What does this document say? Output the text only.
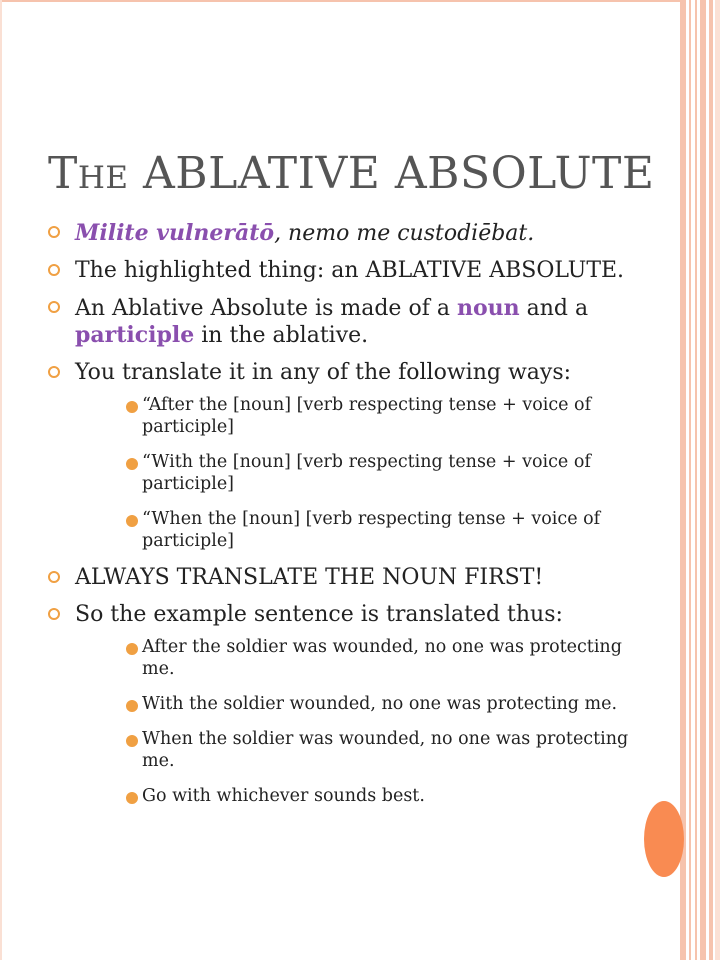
THE ABLATIVE ABSOLUTE
Milite vulnerātō, nemo me custodiēbat.
The highlighted thing: an ABLATIVE ABSOLUTE.
An Ablative Absolute is made of a noun and a participle in the ablative.
You translate it in any of the following ways:
“After the [noun] [verb respecting tense + voice of participle]
“With the [noun] [verb respecting tense + voice of participle]
“When the [noun] [verb respecting tense + voice of participle]
ALWAYS TRANSLATE THE NOUN FIRST!
So the example sentence is translated thus:
After the soldier was wounded, no one was protecting me.
With the soldier wounded, no one was protecting me.
When the soldier was wounded, no one was protecting me.
Go with whichever sounds best.
